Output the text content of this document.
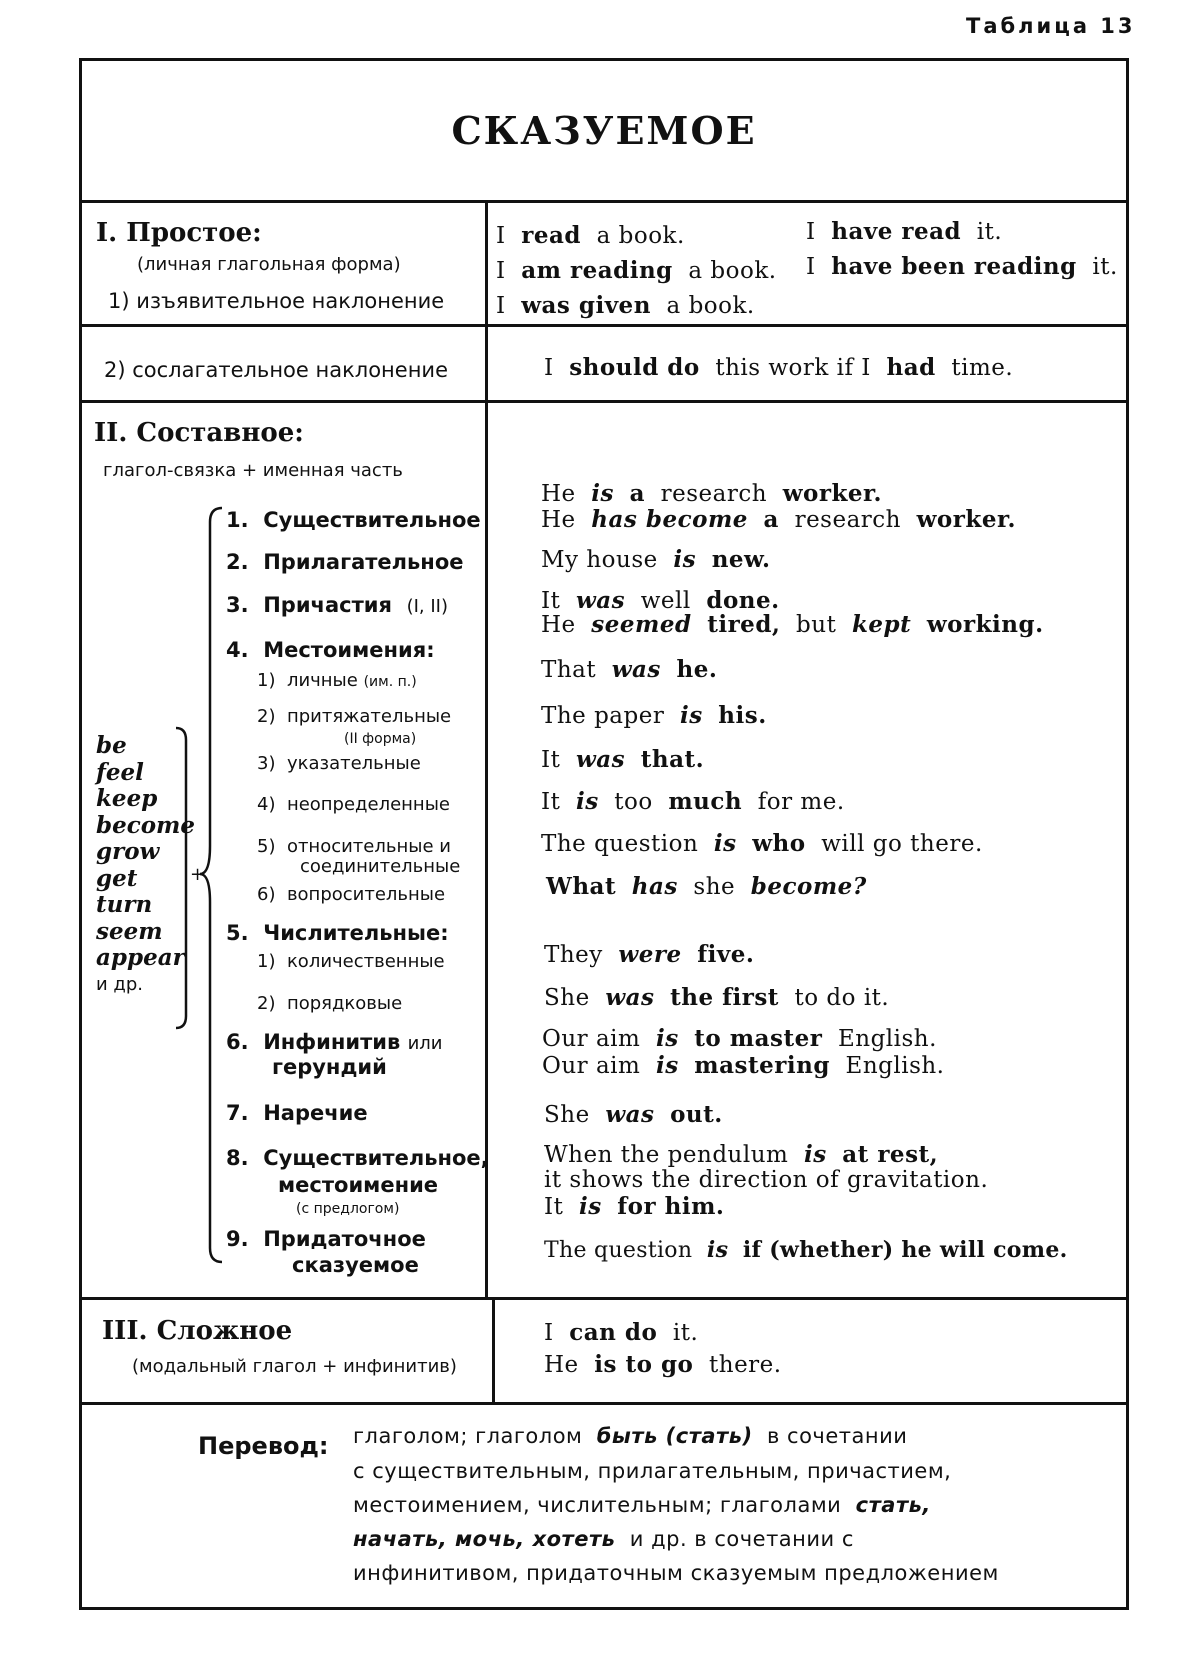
Таблица 13
СКАЗУЕМОЕ
I. Простое:
(личная глагольная форма)
1) изъявительное наклонение
2) сослагательное наклонение
I read a book.
I am reading a book.
I was given a book.
I have read it.
I have been reading it.
I should do this work if I had time.
II. Составное:
глагол-связка + именная часть
be
feel
keep
become
grow
get
turn
seem
appear
и др.
+
1. Существительное
2. Прилагательное
3. Причастия (I, II)
4. Местоимения:
1) личные (им. п.)
2) притяжательные
(II форма)
3) указательные
4) неопределенные
5) относительные и
соединительные
6) вопросительные
5. Числительные:
1) количественные
2) порядковые
6. Инфинитив или
герундий
7. Наречие
8. Существительное,
местоимение
(с предлогом)
9. Придаточное
сказуемое
He is a research worker.
He has become a research worker.
My house is new.
It was well done.
He seemed tired, but kept working.
That was he.
The paper is his.
It was that.
It is too much for me.
The question is who will go there.
What has she become?
They were five.
She was the first to do it.
Our aim is to master English.
Our aim is mastering English.
She was out.
When the pendulum is at rest,
it shows the direction of gravitation.
It is for him.
The question is if (whether) he will come.
III. Сложное
(модальный глагол + инфинитив)
I can do it.
He is to go there.
Перевод: глаголом; глаголом быть (стать) в сочетании
с существительным, прилагательным, причастием,
местоимением, числительным; глаголами стать,
начать, мочь, хотеть и др. в сочетании с
инфинитивом, придаточным сказуемым предложением
